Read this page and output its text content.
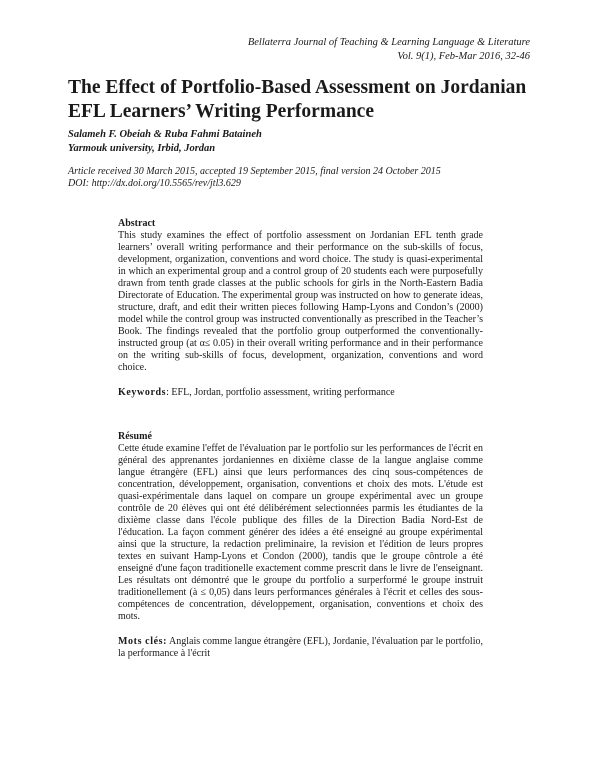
Bellaterra Journal of Teaching & Learning Language & Literature
Vol. 9(1), Feb-Mar 2016, 32-46
The Effect of Portfolio-Based Assessment on Jordanian EFL Learners’ Writing Performance
Salameh F. Obeiah & Ruba Fahmi Bataineh
Yarmouk university, Irbid, Jordan
Article received 30 March 2015, accepted 19 September 2015, final version 24 October 2015
DOI: http://dx.doi.org/10.5565/rev/jtl3.629
Abstract

This study examines the effect of portfolio assessment on Jordanian EFL tenth grade learners’ overall writing performance and their performance on the sub-skills of focus, development, organization, conventions and word choice. The study is quasi-experimental in which an experimental group and a control group of 20 students each were purposefully drawn from tenth grade classes at the public schools for girls in the North-Eastern Badia Directorate of Education. The experimental group was instructed on how to generate ideas, structure, draft, and edit their written pieces following Hamp-Lyons and Condon’s (2000) model while the control group was instructed conventionally as prescribed in the Teacher’s Book. The findings revealed that the portfolio group outperformed the conventionally-instructed group (at α≤ 0.05) in their overall writing performance and in their performance on the writing sub-skills of focus, development, organization, conventions and word choice.

Keywords: EFL, Jordan, portfolio assessment, writing performance
Résumé

Cette étude examine l'effet de l'évaluation par le portfolio sur les performances de l'écrit en général des apprenantes jordaniennes en dixième classe de la langue anglaise comme langue étrangère (EFL) ainsi que leurs performances des cinq sous-compétences de concentration, développement, organisation, conventions et choix des mots. L'étude est quasi-expérimentale dans laquel on compare un groupe expérimental avec un groupe contrôle de 20 élèves qui ont été délibérément selectionnées parmis les étudiantes de la dixième classe dans l'école publique des filles de la Direction Badia Nord-Est de l'éducation. La façon comment générer des idées a été enseigné au groupe expérimental ainsi que la structure, la redaction preliminaire, la revision et l'édition de leurs propres textes en suivant Hamp-Lyons et Condon (2000), tandis que le groupe côntrole a été enseigné d'une façon traditionelle exactement comme prescrit dans le livre de l'enseignant. Les résultats ont démontré que le groupe du portfolio a surperformé le groupe instruit traditionellement (à ≤ 0,05) dans leurs performances générales à l'écrit et celles des sous-compétences de concentration, développement, organisation, conventions et choix des mots.

Mots clés: Anglais comme langue étrangère (EFL), Jordanie, l'évaluation par le portfolio, la performance à l'écrit
